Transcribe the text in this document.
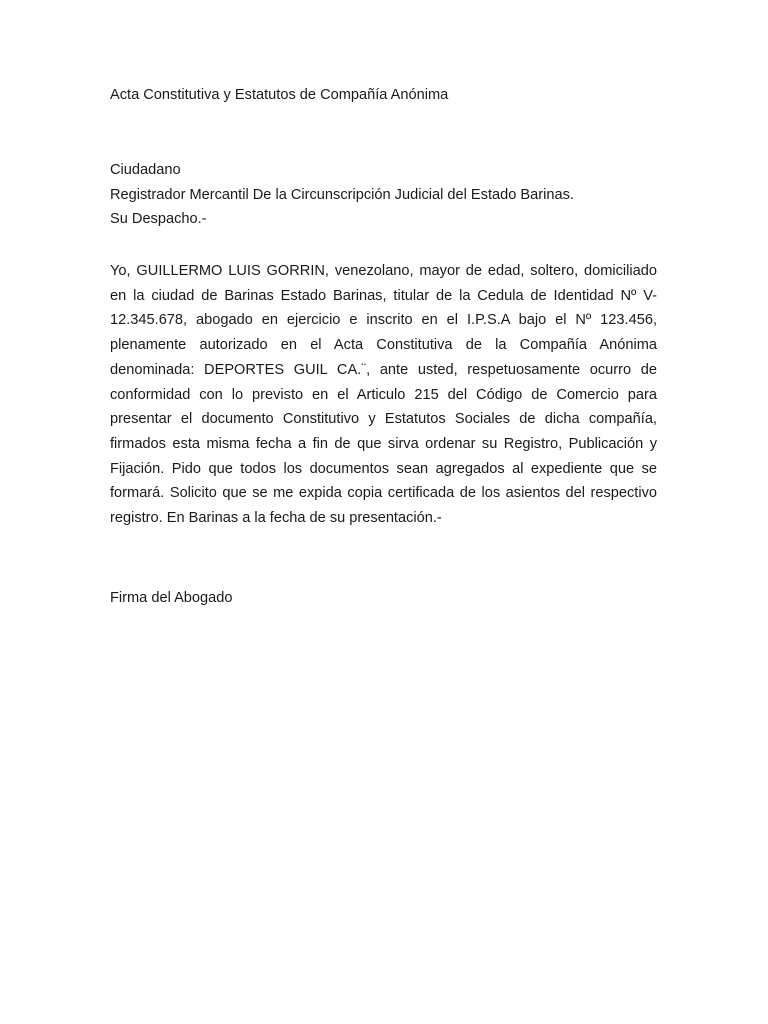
Acta Constitutiva y Estatutos de Compañía Anónima

Ciudadano
Registrador Mercantil De la Circunscripción Judicial del Estado Barinas.
Su Despacho.-

Yo, GUILLERMO LUIS GORRIN, venezolano, mayor de edad, soltero, domiciliado en la ciudad de Barinas Estado Barinas, titular de la Cedula de Identidad Nº V- 12.345.678, abogado en ejercicio e inscrito en el I.P.S.A bajo el Nº 123.456, plenamente autorizado en el Acta Constitutiva de la Compañía Anónima denominada: DEPORTES GUIL CA.¨, ante usted, respetuosamente ocurro de conformidad con lo previsto en el Articulo 215 del Código de Comercio para presentar el documento Constitutivo y Estatutos Sociales de dicha compañía, firmados esta misma fecha a fin de que sirva ordenar su Registro, Publicación y Fijación. Pido que todos los documentos sean agregados al expediente que se formará. Solicito que se me expida copia certificada de los asientos del respectivo registro. En Barinas a la fecha de su presentación.-

Firma del Abogado
